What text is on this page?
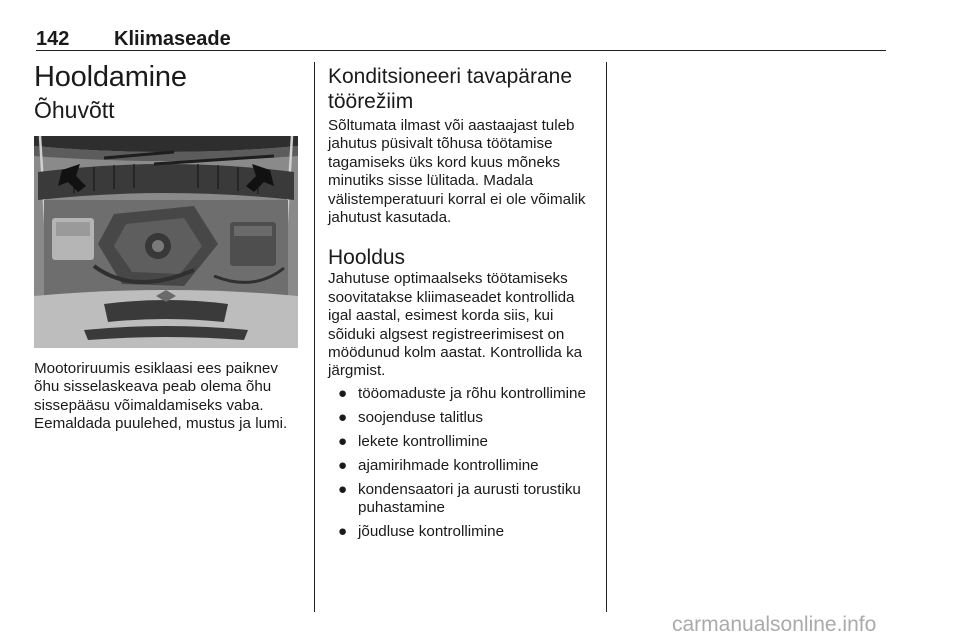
142 Kliimaseade
Hooldamine
Õhuvõtt

Mootoriruumis esiklaasi ees paiknev õhu sisselaskeava peab olema õhu sissepääsu võimaldamiseks vaba. Eemaldada puulehed, mustus ja lumi.

Konditsioneeri tavapärane töörežiim

Sõltumata ilmast või aastaajast tuleb jahutus püsivalt tõhusa töötamise tagamiseks üks kord kuus mõneks minutiks sisse lülitada. Madala välistemperatuuri korral ei ole võimalik jahutust kasutada.

Hooldus

Jahutuse optimaalseks töötamiseks soovitatakse kliimaseadet kontrollida igal aastal, esimest korda siis, kui sõiduki algsest registreerimisest on möödunud kolm aastat. Kontrollida ka järgmist.

● tööomaduste ja rõhu kontrollimine
● soojenduse talitlus
● lekete kontrollimine
● ajamirihmade kontrollimine
● kondensaatori ja aurusti torustiku puhastamine
● jõudluse kontrollimine
carmanualsonline.info
